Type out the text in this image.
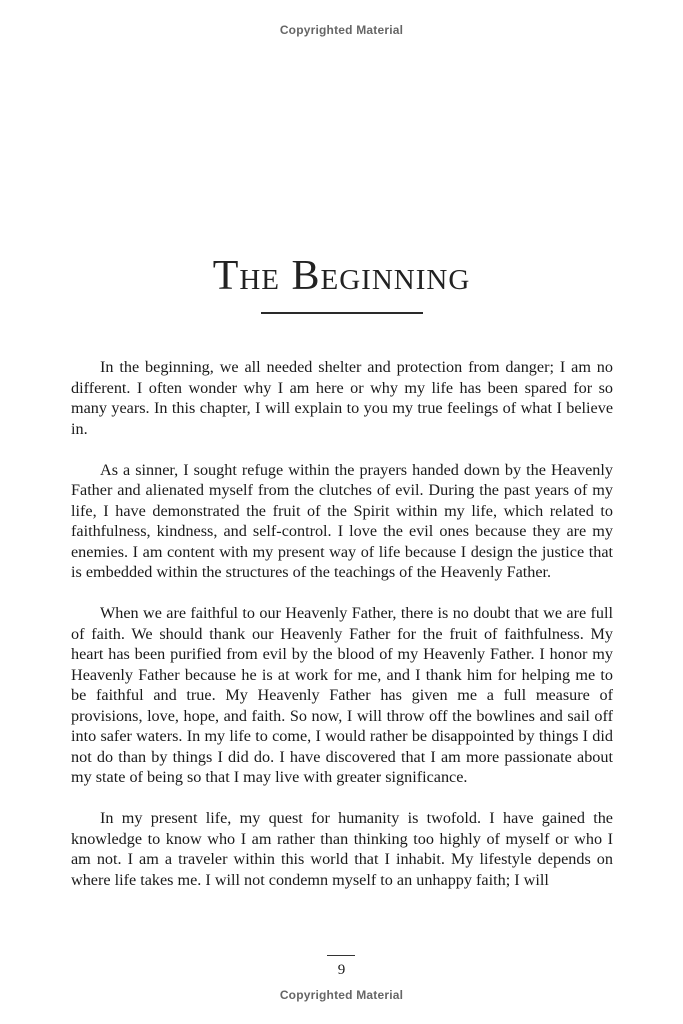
Copyrighted Material
The Beginning

In the beginning, we all needed shelter and protection from danger; I am no different. I often wonder why I am here or why my life has been spared for so many years. In this chapter, I will explain to you my true feelings of what I believe in.

As a sinner, I sought refuge within the prayers handed down by the Heavenly Father and alienated myself from the clutches of evil. During the past years of my life, I have demonstrated the fruit of the Spirit within my life, which related to faithfulness, kindness, and self-control. I love the evil ones because they are my enemies. I am content with my present way of life because I design the justice that is embedded within the structures of the teachings of the Heavenly Father.

When we are faithful to our Heavenly Father, there is no doubt that we are full of faith. We should thank our Heavenly Father for the fruit of faithfulness. My heart has been purified from evil by the blood of my Heavenly Father. I honor my Heavenly Father because he is at work for me, and I thank him for helping me to be faithful and true. My Heavenly Father has given me a full measure of provisions, love, hope, and faith. So now, I will throw off the bowlines and sail off into safer waters. In my life to come, I would rather be disappointed by things I did not do than by things I did do. I have discovered that I am more passionate about my state of being so that I may live with greater significance.

In my present life, my quest for humanity is twofold. I have gained the knowledge to know who I am rather than thinking too highly of myself or who I am not. I am a traveler within this world that I inhabit. My lifestyle depends on where life takes me. I will not condemn myself to an unhappy faith; I will

9
Copyrighted Material
